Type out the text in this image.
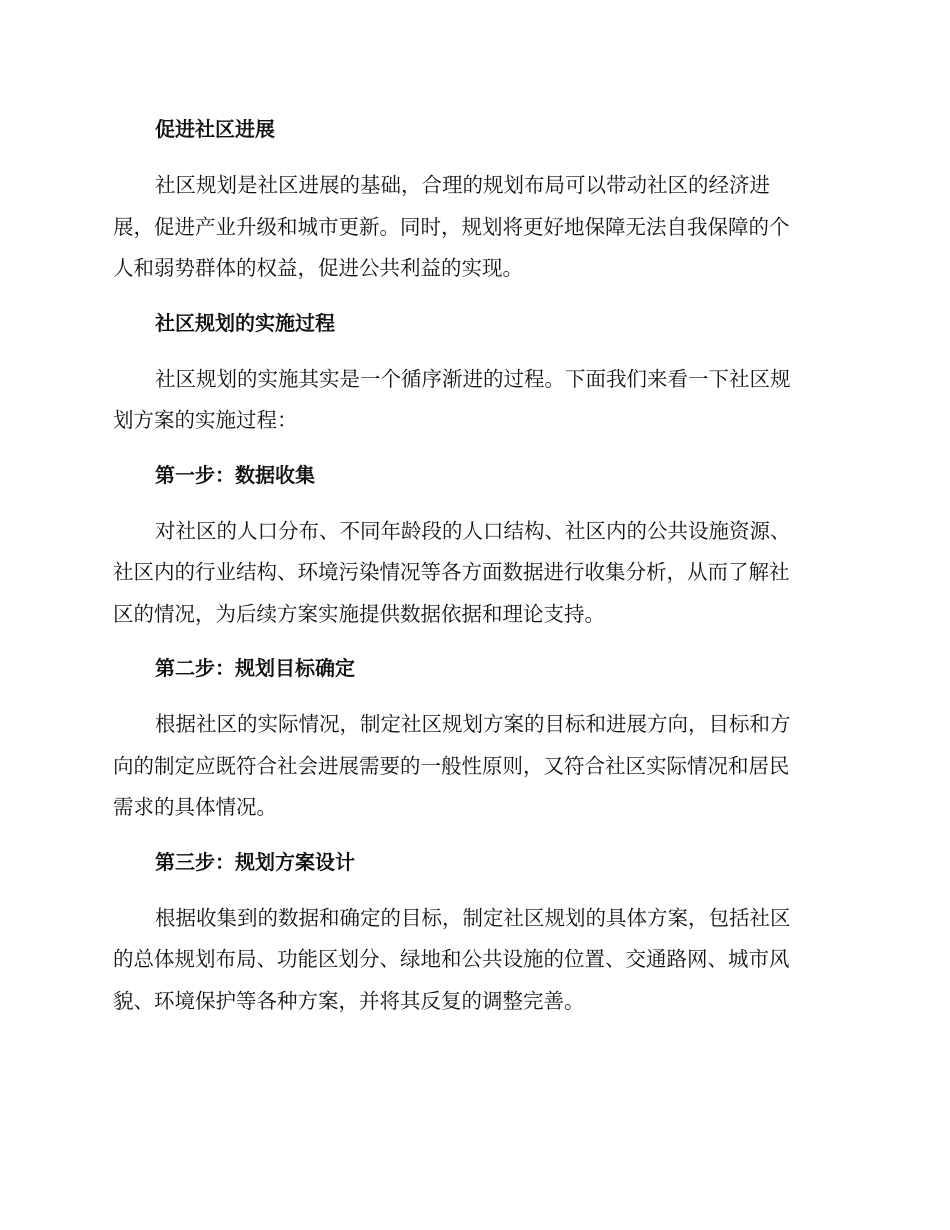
促进社区进展
社区规划是社区进展的基础，合理的规划布局可以带动社区的经济进
展，促进产业升级和城市更新。同时，规划将更好地保障无法自我保障的个
人和弱势群体的权益，促进公共利益的实现。
社区规划的实施过程
社区规划的实施其实是一个循序渐进的过程。下面我们来看一下社区规
划方案的实施过程：
第一步：数据收集
对社区的人口分布、不同年龄段的人口结构、社区内的公共设施资源、
社区内的行业结构、环境污染情况等各方面数据进行收集分析，从而了解社
区的情况，为后续方案实施提供数据依据和理论支持。
第二步：规划目标确定
根据社区的实际情况，制定社区规划方案的目标和进展方向，目标和方
向的制定应既符合社会进展需要的一般性原则，又符合社区实际情况和居民
需求的具体情况。
第三步：规划方案设计
根据收集到的数据和确定的目标，制定社区规划的具体方案，包括社区
的总体规划布局、功能区划分、绿地和公共设施的位置、交通路网、城市风
貌、环境保护等各种方案，并将其反复的调整完善。
